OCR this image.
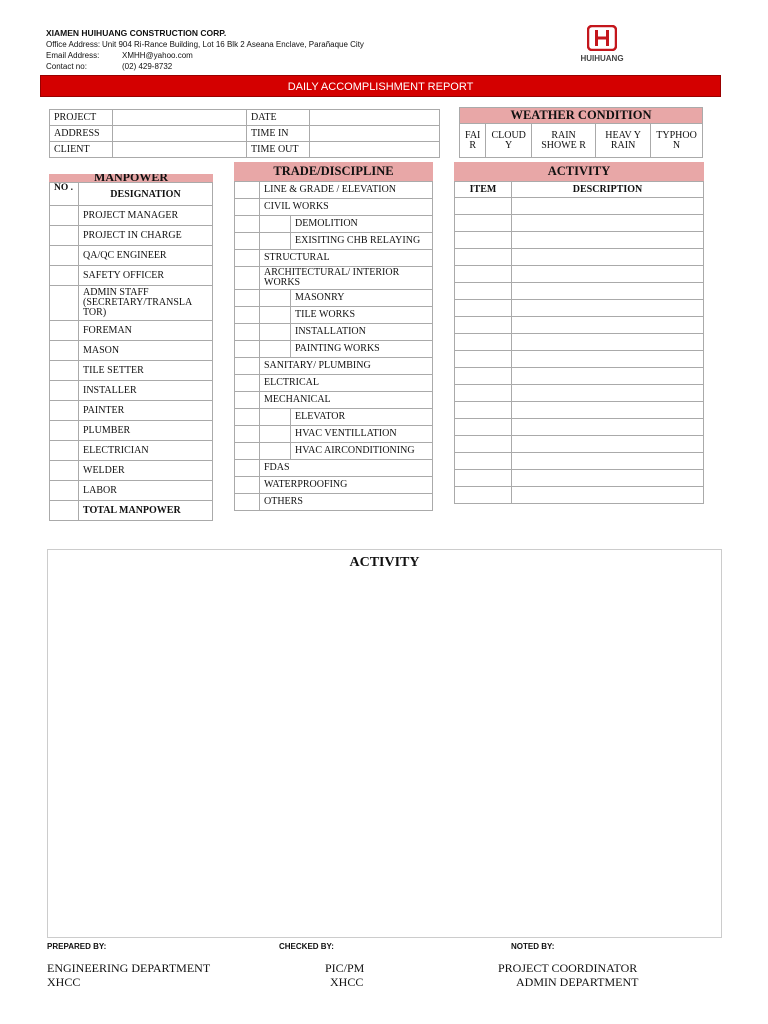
XIAMEN HUIHUANG CONSTRUCTION CORP.
Office Address: Unit 904 Ri-Rance Building, Lot 16 Blk 2 Aseana Enclave, Parañaque City
Email Address:	XMHH@yahoo.com
Contact no:	(02) 429-8732
HUIHUANG
DAILY ACCOMPLISHMENT REPORT
PROJECT		DATE	
ADDRESS		TIME IN	
CLIENT		TIME OUT	
WEATHER CONDITION
FAI R	CLOUD Y	RAIN SHOWE R	HEAV Y RAIN	TYPHOO N
MANPOWER
NO .	DESIGNATION
	PROJECT MANAGER
	PROJECT IN CHARGE
	QA/QC ENGINEER
	SAFETY OFFICER
	ADMIN STAFF (SECRETARY/TRANSLA TOR)
	FOREMAN
	MASON
	TILE SETTER
	INSTALLER
	PAINTER
	PLUMBER
	ELECTRICIAN
	WELDER
	LABOR
	TOTAL MANPOWER
TRADE/DISCIPLINE
	LINE & GRADE / ELEVATION	
	CIVIL WORKS	
		DEMOLITION
		EXISITING CHB RELAYING
	STRUCTURAL	
	ARCHITECTURAL/ INTERIOR WORKS	
		MASONRY
		TILE WORKS
		INSTALLATION
		PAINTING WORKS
	SANITARY/ PLUMBING	
	ELCTRICAL	
	MECHANICAL	
		ELEVATOR
		HVAC VENTILLATION
		HVAC AIRCONDITIONING
	FDAS	
	WATERPROOFING	
	OTHERS	
ACTIVITY
ITEM	DESCRIPTION

ACTIVITY
PREPARED BY:
ENGINEERING DEPARTMENT
XHCC
CHECKED BY:
PIC/PM
XHCC
NOTED BY:
PROJECT COORDINATOR
ADMIN DEPARTMENT
